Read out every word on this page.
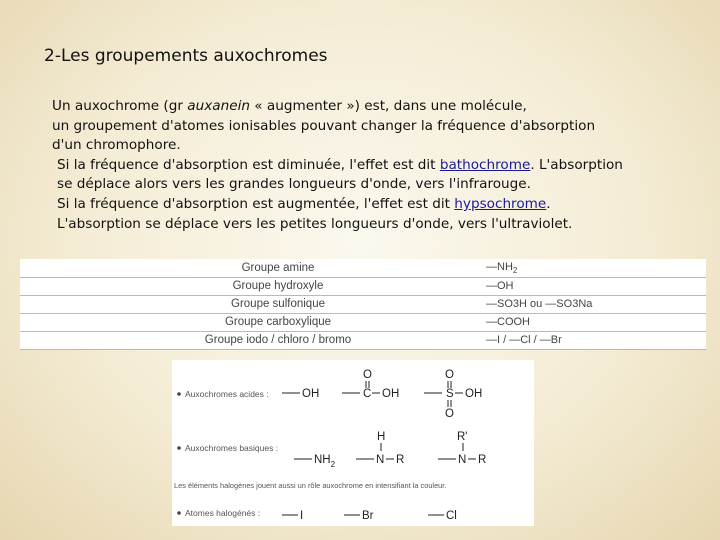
2-Les groupements auxochromes
Un auxochrome (gr auxanein « augmenter ») est, dans une molécule,
un groupement d'atomes ionisables pouvant changer la fréquence d'absorption
d'un chromophore.
Si la fréquence d'absorption est diminuée, l'effet est dit bathochrome. L'absorption
se déplace alors vers les grandes longueurs d'onde, vers l'infrarouge.
Si la fréquence d'absorption est augmentée, l'effet est dit hypsochrome.
L'absorption se déplace vers les petites longueurs d'onde, vers l'ultraviolet.
Groupe amine	$—NH_2$
Groupe hydroxyle	—OH
Groupe sulfonique	—SO3H ou —SO3Na
Groupe carboxylique	—COOH
Groupe iodo / chloro / bromo	—I / —Cl / —Br
Auxochromes acides :	OH
O
C OH
O
S OH
O
Auxochromes basiques :
$NH_2$
H
N R
R'
N R
Les éléments halogènes jouent aussi un rôle auxochrome en intensifiant la couleur.
Atomes halogénés :	I	Br	Cl
